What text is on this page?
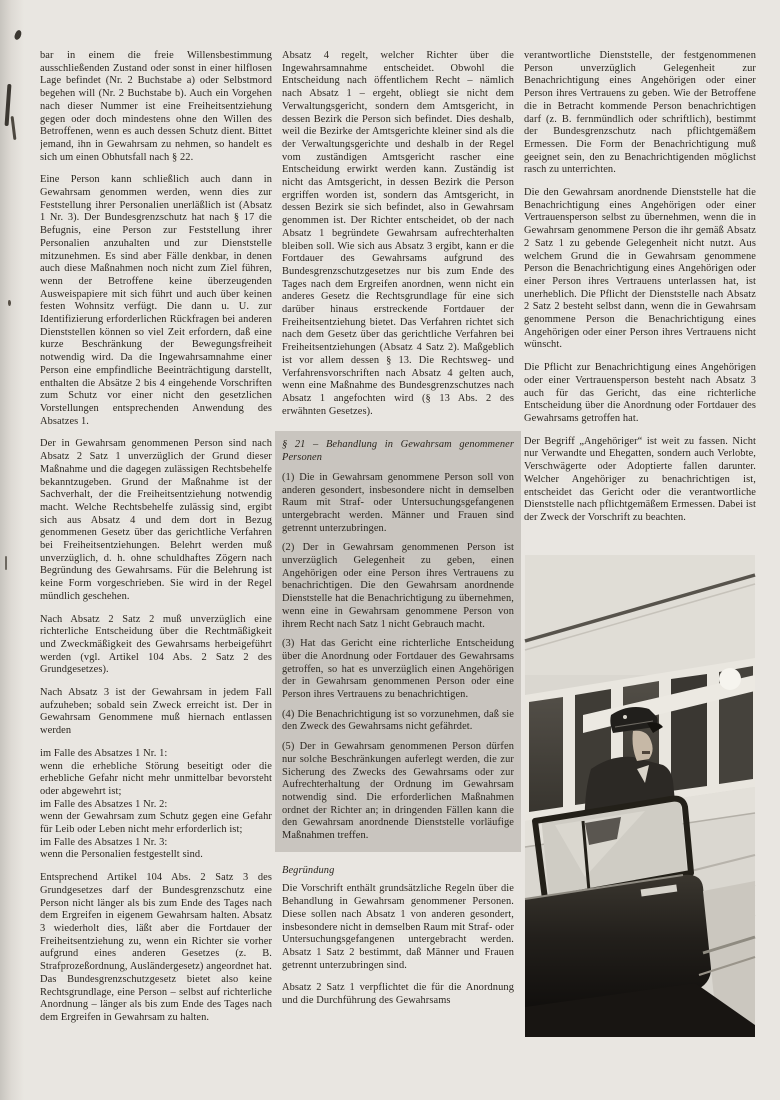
bar in einem die freie Willensbestimmung ausschließenden Zustand oder sonst in einer hilflosen Lage befindet (Nr. 2 Buchstabe a) oder Selbstmord begehen will (Nr. 2 Buchstabe b). Auch ein Vorgehen nach dieser Nummer ist eine Freiheitsentziehung gegen oder doch mindestens ohne den Willen des Betroffenen, wenn es auch dessen Schutz dient. Bittet jemand, ihn in Gewahrsam zu nehmen, so handelt es sich um einen Obhutsfall nach § 22.

Eine Person kann schließlich auch dann in Gewahrsam genommen werden, wenn dies zur Feststellung ihrer Personalien unerläßlich ist (Absatz 1 Nr. 3). Der Bundesgrenzschutz hat nach § 17 die Befugnis, eine Person zur Feststellung ihrer Personalien anzuhalten und zur Dienststelle mitzunehmen. Es sind aber Fälle denkbar, in denen auch diese Maßnahmen noch nicht zum Ziel führen, wenn der Betroffene keine überzeugenden Ausweispapiere mit sich führt und auch über keinen festen Wohnsitz verfügt. Die dann u. U. zur Identifizierung erforderlichen Rückfragen bei anderen Dienststellen können so viel Zeit erfordern, daß eine kurze Beschränkung der Bewegungsfreiheit notwendig wird. Da die Ingewahrsamnahme einer Person eine empfindliche Beeinträchtigung darstellt, enthalten die Absätze 2 bis 4 eingehende Vorschriften zum Schutz vor einer nicht den gesetzlichen Vorstellungen entsprechenden Anwendung des Absatzes 1.

Der in Gewahrsam genommenen Person sind nach Absatz 2 Satz 1 unverzüglich der Grund dieser Maßnahme und die dagegen zulässigen Rechtsbehelfe bekanntzugeben. Grund der Maßnahme ist der Sachverhalt, der die Freiheitsentziehung notwendig macht. Welche Rechtsbehelfe zulässig sind, ergibt sich aus Absatz 4 und dem dort in Bezug genommenen Gesetz über das gerichtliche Verfahren bei Freiheitsentziehungen. Belehrt werden muß unverzüglich, d. h. ohne schuldhaftes Zögern nach Begründung des Gewahrsams. Für die Belehrung ist keine Form vorgeschrieben. Sie wird in der Regel mündlich geschehen.

Nach Absatz 2 Satz 2 muß unverzüglich eine richterliche Entscheidung über die Rechtmäßigkeit und Zweckmäßigkeit des Gewahrsams herbeigeführt werden (vgl. Artikel 104 Abs. 2 Satz 2 des Grundgesetzes).

Nach Absatz 3 ist der Gewahrsam in jedem Fall aufzuheben; sobald sein Zweck erreicht ist. Der in Gewahrsam Genommene muß hiernach entlassen werden

im Falle des Absatzes 1 Nr. 1:

wenn die erhebliche Störung beseitigt oder die erhebliche Gefahr nicht mehr unmittelbar bevorsteht oder abgewehrt ist;

im Falle des Absatzes 1 Nr. 2:

wenn der Gewahrsam zum Schutz gegen eine Gefahr für Leib oder Leben nicht mehr erforderlich ist;

im Falle des Absatzes 1 Nr. 3:

wenn die Personalien festgestellt sind.

Entsprechend Artikel 104 Abs. 2 Satz 3 des Grundgesetzes darf der Bundesgrenzschutz eine Person nicht länger als bis zum Ende des Tages nach dem Ergreifen in eigenem Gewahrsam halten. Absatz 3 wiederholt dies, läßt aber die Fortdauer der Freiheitsentziehung zu, wenn ein Richter sie vorher aufgrund eines anderen Gesetzes (z. B. Strafprozeßordnung, Ausländergesetz) angeordnet hat. Das Bundesgrenzschutzgesetz bietet also keine Rechtsgrundlage, eine Person – selbst auf richterliche Anordnung – länger als bis zum Ende des Tages nach dem Ergreifen in Gewahrsam zu halten.

Absatz 4 regelt, welcher Richter über die Ingewahrsamnahme entscheidet. Obwohl die Entscheidung nach öffentlichem Recht – nämlich nach Absatz 1 – ergeht, obliegt sie nicht dem Verwaltungsgericht, sondern dem Amtsgericht, in dessen Bezirk die Person sich befindet. Dies deshalb, weil die Bezirke der Amtsgerichte kleiner sind als die der Verwaltungsgerichte und deshalb in der Regel vom zuständigen Amtsgericht rascher eine Entscheidung erwirkt werden kann. Zuständig ist nicht das Amtsgericht, in dessen Bezirk die Person ergriffen worden ist, sondern das Amtsgericht, in dessen Bezirk sie sich befindet, also in Gewahrsam genommen ist. Der Richter entscheidet, ob der nach Absatz 1 begründete Gewahrsam aufrechterhalten bleiben soll. Wie sich aus Absatz 3 ergibt, kann er die Fortdauer des Gewahrsams aufgrund des Bundesgrenzschutzgesetzes nur bis zum Ende des Tages nach dem Ergreifen anordnen, wenn nicht ein anderes Gesetz die Rechtsgrundlage für eine sich darüber hinaus erstreckende Fortdauer der Freiheitsentziehung bietet. Das Verfahren richtet sich nach dem Gesetz über das gerichtliche Verfahren bei Freiheitsentziehungen (Absatz 4 Satz 2). Maßgeblich ist vor allem dessen § 13. Die Rechtsweg- und Verfahrensvorschriften nach Absatz 4 gelten auch, wenn eine Maßnahme des Bundesgrenzschutzes nach Absatz 1 angefochten wird (§ 13 Abs. 2 des erwähnten Gesetzes).

§ 21 – Behandlung in Gewahrsam genommener Personen

(1) Die in Gewahrsam genommene Person soll von anderen gesondert, insbesondere nicht in demselben Raum mit Straf- oder Untersuchungsgefangenen untergebracht werden. Männer und Frauen sind getrennt unterzubringen.

(2) Der in Gewahrsam genommenen Person ist unverzüglich Gelegenheit zu geben, einen Angehörigen oder eine Person ihres Vertrauens zu benachrichtigen. Die den Gewahrsam anordnende Dienststelle hat die Benachrichtigung zu übernehmen, wenn eine in Gewahrsam genommene Person von ihrem Recht nach Satz 1 nicht Gebrauch macht.

(3) Hat das Gericht eine richterliche Entscheidung über die Anordnung oder Fortdauer des Gewahrsams getroffen, so hat es unverzüglich einen Angehörigen der in Gewahrsam genommenen Person oder eine Person ihres Vertrauens zu benachrichtigen.

(4) Die Benachrichtigung ist so vorzunehmen, daß sie den Zweck des Gewahrsams nicht gefährdet.

(5) Der in Gewahrsam genommenen Person dürfen nur solche Beschränkungen auferlegt werden, die zur Sicherung des Zwecks des Gewahrsams oder zur Aufrechterhaltung der Ordnung im Gewahrsam notwendig sind. Die erforderlichen Maßnahmen ordnet der Richter an; in dringenden Fällen kann die den Gewahrsam anordnende Dienststelle vorläufige Maßnahmen treffen.

Begründung

Die Vorschrift enthält grundsätzliche Regeln über die Behandlung in Gewahrsam genommener Personen. Diese sollen nach Absatz 1 von anderen gesondert, insbesondere nicht in demselben Raum mit Straf- oder Untersuchungsgefangenen untergebracht werden. Absatz 1 Satz 2 bestimmt, daß Männer und Frauen getrennt unterzubringen sind.

Absatz 2 Satz 1 verpflichtet die für die Anordnung und die Durchführung des Gewahrsams

verantwortliche Dienststelle, der festgenommenen Person unverzüglich Gelegenheit zur Benachrichtigung eines Angehörigen oder einer Person ihres Vertrauens zu geben. Wie der Betroffene die in Betracht kommende Person benachrichtigen darf (z. B. fernmündlich oder schriftlich), bestimmt der Bundesgrenzschutz nach pflichtgemäßem Ermessen. Die Form der Benachrichtigung muß geeignet sein, den zu Benachrichtigenden möglichst rasch zu unterrichten.

Die den Gewahrsam anordnende Dienststelle hat die Benachrichtigung eines Angehörigen oder einer Vertrauensperson selbst zu übernehmen, wenn die in Gewahrsam genommene Person die ihr gemäß Absatz 2 Satz 1 zu gebende Gelegenheit nicht nutzt. Aus welchem Grund die in Gewahrsam genommene Person die Benachrichtigung eines Angehörigen oder einer Person ihres Vertrauens unterlassen hat, ist unerheblich. Die Pflicht der Dienststelle nach Absatz 2 Satz 2 besteht selbst dann, wenn die in Gewahrsam genommene Person die Benachrichtigung eines Angehörigen oder einer Person ihres Vertrauens nicht wünscht.

Die Pflicht zur Benachrichtigung eines Angehörigen oder einer Vertrauensperson besteht nach Absatz 3 auch für das Gericht, das eine richterliche Entscheidung über die Anordnung oder Fortdauer des Gewahrsams getroffen hat.

Der Begriff „Angehöriger“ ist weit zu fassen. Nicht nur Verwandte und Ehegatten, sondern auch Verlobte, Verschwägerte oder Adoptierte fallen darunter. Welcher Angehöriger zu benachrichtigen ist, entscheidet das Gericht oder die verantwortliche Dienststelle nach pflichtgemäßem Ermessen. Dabei ist der Zweck der Vorschrift zu beachten.
